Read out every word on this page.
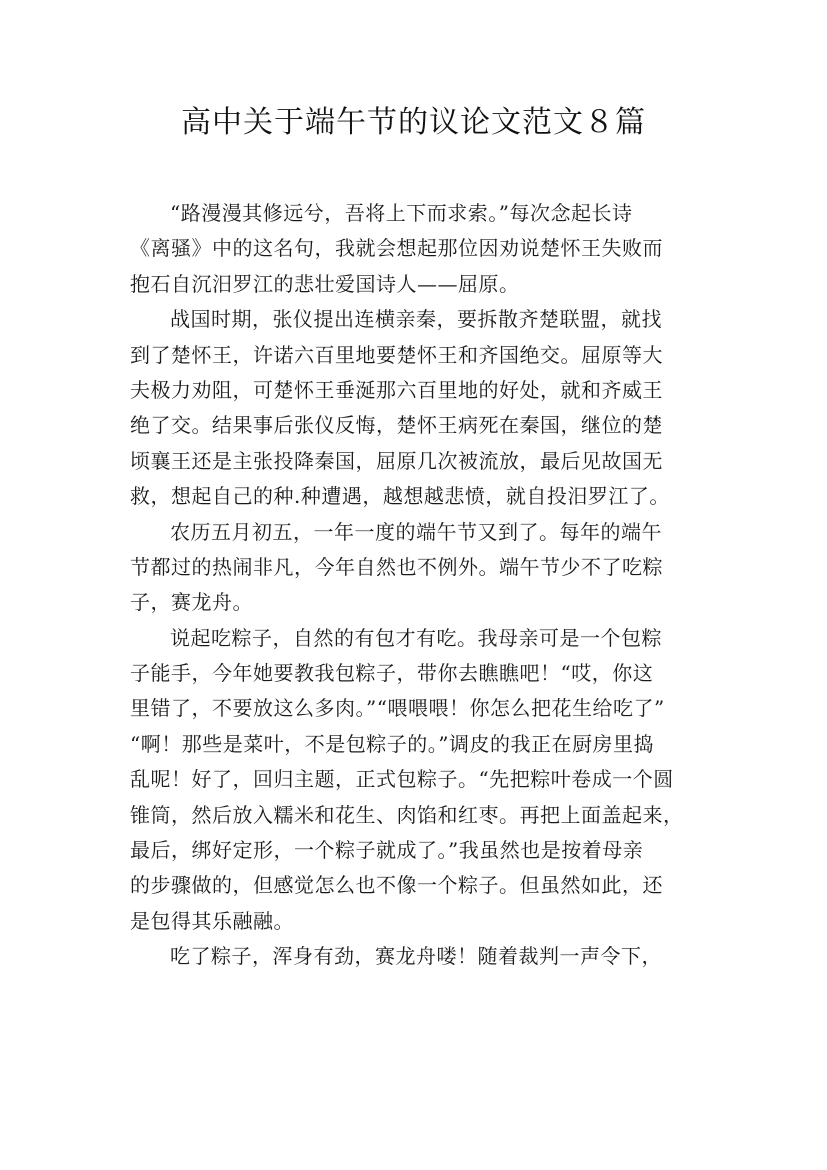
高中关于端午节的议论文范文８篇
“路漫漫其修远兮，吾将上下而求索。”每次念起长诗
《离骚》中的这名句，我就会想起那位因劝说楚怀王失败而
抱石自沉汨罗江的悲壮爱国诗人——屈原。
战国时期，张仪提出连横亲秦，要拆散齐楚联盟，就找
到了楚怀王，许诺六百里地要楚怀王和齐国绝交。屈原等大
夫极力劝阻，可楚怀王垂涎那六百里地的好处，就和齐威王
绝了交。结果事后张仪反悔，楚怀王病死在秦国，继位的楚
顷襄王还是主张投降秦国，屈原几次被流放，最后见故国无
救，想起自己的种.种遭遇，越想越悲愤，就自投汨罗江了。
农历五月初五，一年一度的端午节又到了。每年的端午
节都过的热闹非凡，今年自然也不例外。端午节少不了吃粽
子，赛龙舟。
说起吃粽子，自然的有包才有吃。我母亲可是一个包粽
子能手，今年她要教我包粽子，带你去瞧瞧吧！“哎，你这
里错了，不要放这么多肉。”“喂喂喂！你怎么把花生给吃了”
“啊！那些是菜叶，不是包粽子的。”调皮的我正在厨房里捣
乱呢！好了，回归主题，正式包粽子。“先把粽叶卷成一个圆
锥筒，然后放入糯米和花生、肉馅和红枣。再把上面盖起来，
最后，绑好定形，一个粽子就成了。”我虽然也是按着母亲
的步骤做的，但感觉怎么也不像一个粽子。但虽然如此，还
是包得其乐融融。
吃了粽子，浑身有劲，赛龙舟喽！随着裁判一声令下，
